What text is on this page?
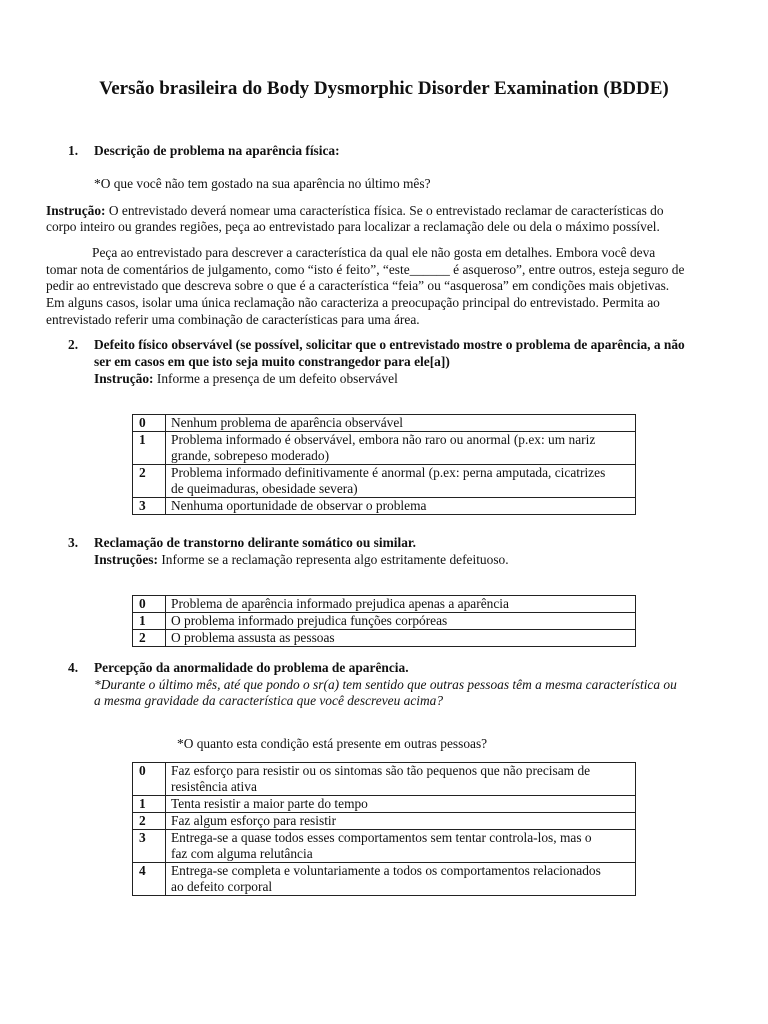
Versão brasileira do Body Dysmorphic Disorder Examination (BDDE)
1. Descrição de problema na aparência física:
*O que você não tem gostado na sua aparência no último mês?
Instrução: O entrevistado deverá nomear uma característica física. Se o entrevistado reclamar de características do
corpo inteiro ou grandes regiões, peça ao entrevistado para localizar a reclamação dele ou dela o máximo possível.
Peça ao entrevistado para descrever a característica da qual ele não gosta em detalhes. Embora você deva
tomar nota de comentários de julgamento, como “isto é feito”, “este______ é asqueroso”, entre outros, esteja seguro de
pedir ao entrevistado que descreva sobre o que é a característica “feia” ou “asquerosa” em condições mais objetivas.
Em alguns casos, isolar uma única reclamação não caracteriza a preocupação principal do entrevistado. Permita ao
entrevistado referir uma combinação de características para uma área.
2. Defeito físico observável (se possível, solicitar que o entrevistado mostre o problema de aparência, a não
ser em casos em que isto seja muito constrangedor para ele[a])
Instrução: Informe a presença de um defeito observável
0	Nenhum problema de aparência observável
1	Problema informado é observável, embora não raro ou anormal (p.ex: um nariz
grande, sobrepeso moderado)

2	Problema informado definitivamente é anormal (p.ex: perna amputada, cicatrizes
de queimaduras, obesidade severa)

3	Nenhuma oportunidade de observar o problema
3. Reclamação de transtorno delirante somático ou similar.
Instruções: Informe se a reclamação representa algo estritamente defeituoso.
0	Problema de aparência informado prejudica apenas a aparência
1	O problema informado prejudica funções corpóreas
2	O problema assusta as pessoas
4. Percepção da anormalidade do problema de aparência.
*Durante o último mês, até que pondo o sr(a) tem sentido que outras pessoas têm a mesma característica ou
a mesma gravidade da característica que você descreveu acima?
*O quanto esta condição está presente em outras pessoas?
0	Faz esforço para resistir ou os sintomas são tão pequenos que não precisam de
resistência ativa

1	Tenta resistir a maior parte do tempo
2	Faz algum esforço para resistir
3	Entrega-se a quase todos esses comportamentos sem tentar controla-los, mas o
faz com alguma relutância

4	Entrega-se completa e voluntariamente a todos os comportamentos relacionados
ao defeito corporal
